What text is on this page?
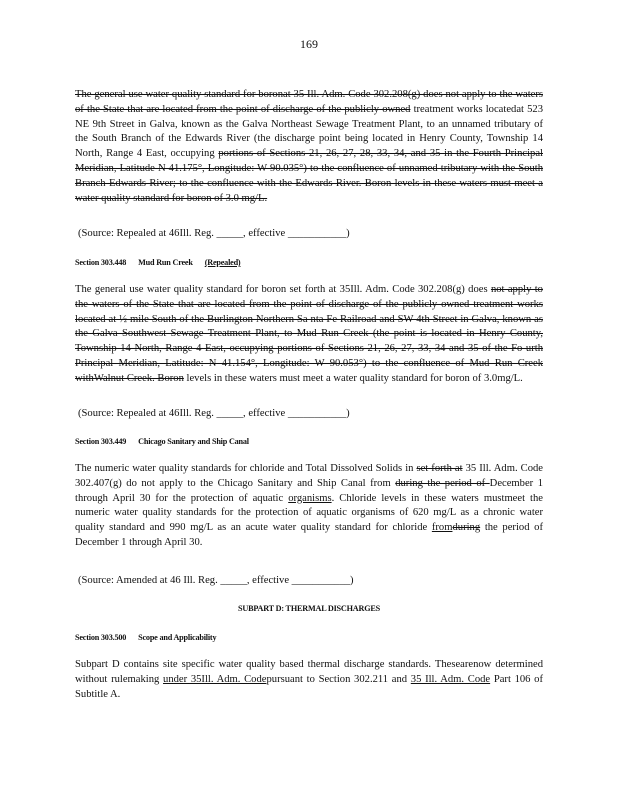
169

The general use water quality standard for boronat 35 Ill. Adm. Code 302.208(g) does not apply to the waters of the State that are located from the point of discharge of the publicly owned treatment works locatedat 523 NE 9th Street in Galva, known as the Galva Northeast Sewage Treatment Plant, to an unnamed tributary of the South Branch of the Edwards River (the discharge point being located in Henry County, Township 14 North, Range 4 East, occupying portions of Sections 21, 26, 27, 28, 33, 34, and 35 in the Fourth Principal Meridian, Latitude N 41.175°, Longitude: W 90.035°) to the confluence of unnamed tributary with the South Branch Edwards River; to the confluence with the Edwards River. Boron levels in these waters must meet a water quality standard for boron of 3.0 mg/L.

(Source: Repealed at 46Ill. Reg. _____, effective ___________)
Section 303.448 Mud Run Creek (Repealed)

The general use water quality standard for boron set forth at 35Ill. Adm. Code 302.208(g) does not apply to the waters of the State that are located from the point of discharge of the publicly owned treatment works located at ½ mile South of the Burlington Northern Sa nta Fe Railroad and SW 4th Street in Galva, known as the Galva Southwest Sewage Treatment Plant, to Mud Run Creek (the point is located in Henry County, Township 14 North, Range 4 East, occupying portions of Sections 21, 26, 27, 33, 34 and 35 of the Fo urth Principal Meridian, Latitude: N 41.154°, Longitude: W 90.053°) to the confluence of Mud Run Creek withWalnut Creek. Boron levels in these waters must meet a water quality standard for boron of 3.0mg/L.

(Source: Repealed at 46Ill. Reg. _____, effective ___________)
Section 303.449 Chicago Sanitary and Ship Canal

The numeric water quality standards for chloride and Total Dissolved Solids in set forth at 35 Ill. Adm. Code 302.407(g) do not apply to the Chicago Sanitary and Ship Canal from during the period of December 1 through April 30 for the protection of aquatic organisms. Chloride levels in these waters mustmeet the numeric water quality standards for the protection of aquatic organisms of 620 mg/L as a chronic water quality standard and 990 mg/L as an acute water quality standard for chloride fromduring the period of December 1 through April 30.

(Source: Amended at 46 Ill. Reg. _____, effective ___________)
SUBPART D: THERMAL DISCHARGES
Section 303.500 Scope and Applicability

Subpart D contains site specific water quality based thermal discharge standards. Thesearenow determined without rulemaking under 35Ill. Adm. Codepursuant to Section 302.211 and 35 Ill. Adm. Code Part 106 of Subtitle A.
